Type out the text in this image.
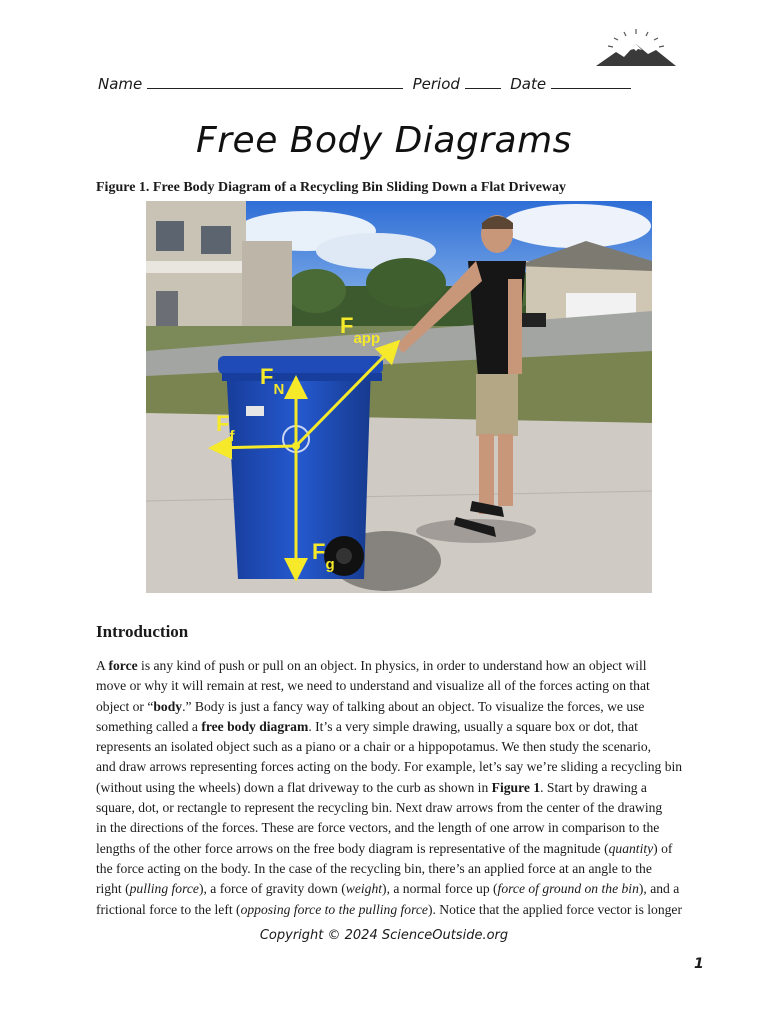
Name	Period	Date
Free Body Diagrams
Figure 1. Free Body Diagram of a Recycling Bin Sliding Down a Flat Driveway
$F_{app}$
$F_N$
$F_f$
$F_g$
Introduction

A force is any kind of push or pull on an object. In physics, in order to understand how an object will
move or why it will remain at rest, we need to understand and visualize all of the forces acting on that
object or “body.” Body is just a fancy way of talking about an object. To visualize the forces, we use
something called a free body diagram. It’s a very simple drawing, usually a square box or dot, that
represents an isolated object such as a piano or a chair or a hippopotamus. We then study the scenario,
and draw arrows representing forces acting on the body. For example, let’s say we’re sliding a recycling bin
(without using the wheels) down a flat driveway to the curb as shown in Figure 1. Start by drawing a
square, dot, or rectangle to represent the recycling bin. Next draw arrows from the center of the drawing
in the directions of the forces. These are force vectors, and the length of one arrow in comparison to the
lengths of the other force arrows on the free body diagram is representative of the magnitude (quantity) of
the force acting on the body. In the case of the recycling bin, there’s an applied force at an angle to the
right (pulling force), a force of gravity down (weight), a normal force up (force of ground on the bin), and a
frictional force to the left (opposing force to the pulling force). Notice that the applied force vector is longer

Copyright © 2024 ScienceOutside.org
1
